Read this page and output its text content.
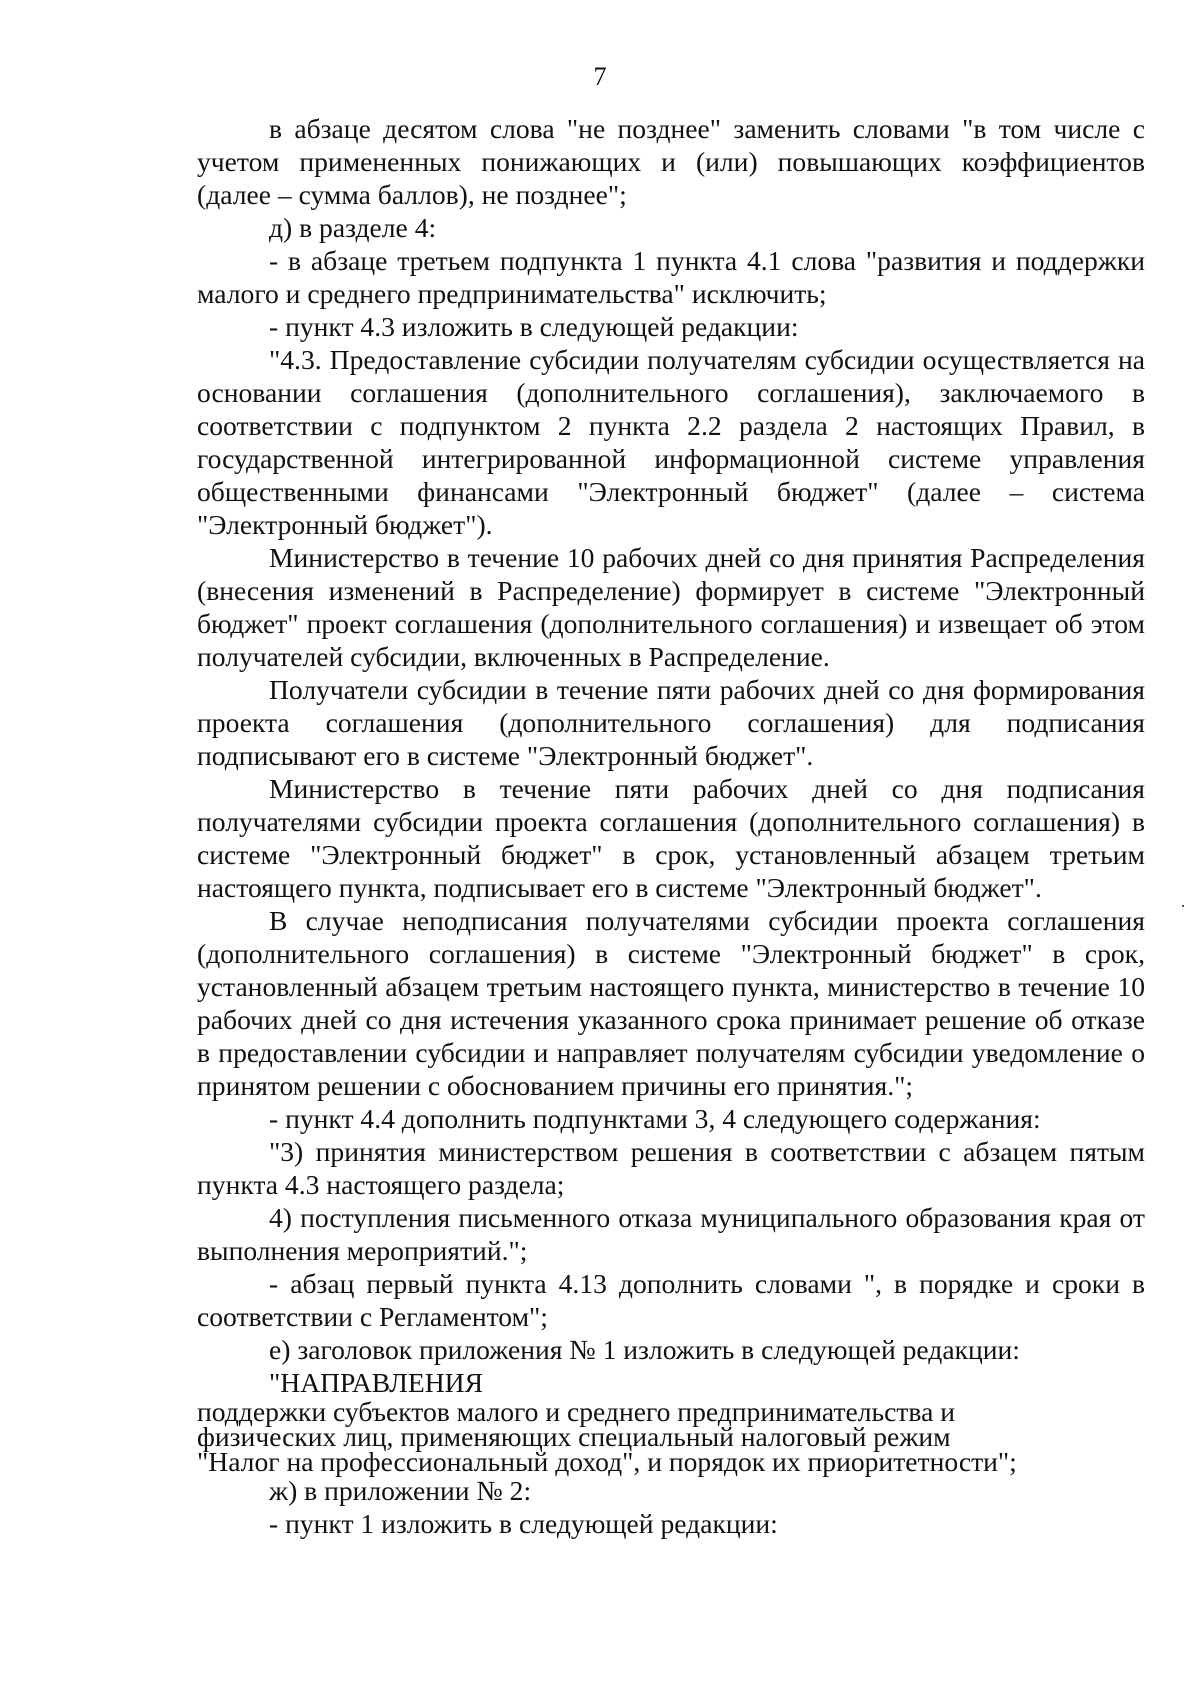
7

в абзаце десятом слова "не позднее" заменить словами "в том числе с учетом примененных понижающих и (или) повышающих коэффициентов (далее – сумма баллов), не позднее";

д) в разделе 4:

- в абзаце третьем подпункта 1 пункта 4.1 слова "развития и поддержки малого и среднего предпринимательства" исключить;

- пункт 4.3 изложить в следующей редакции:

"4.3. Предоставление субсидии получателям субсидии осуществляется на основании соглашения (дополнительного соглашения), заключаемого в соответствии с подпунктом 2 пункта 2.2 раздела 2 настоящих Правил, в государственной интегрированной информационной системе управления общественными финансами "Электронный бюджет" (далее – система "Электронный бюджет").

Министерство в течение 10 рабочих дней со дня принятия Распределения (внесения изменений в Распределение) формирует в системе "Электронный бюджет" проект соглашения (дополнительного соглашения) и извещает об этом получателей субсидии, включенных в Распределение.

Получатели субсидии в течение пяти рабочих дней со дня формирования проекта соглашения (дополнительного соглашения) для подписания подписывают его в системе "Электронный бюджет".

Министерство в течение пяти рабочих дней со дня подписания получателями субсидии проекта соглашения (дополнительного соглашения) в системе "Электронный бюджет" в срок, установленный абзацем третьим настоящего пункта, подписывает его в системе "Электронный бюджет".

В случае неподписания получателями субсидии проекта соглашения (дополнительного соглашения) в системе "Электронный бюджет" в срок, установленный абзацем третьим настоящего пункта, министерство в течение 10 рабочих дней со дня истечения указанного срока принимает решение об отказе в предоставлении субсидии и направляет получателям субсидии уведомление о принятом решении с обоснованием причины его принятия.";

- пункт 4.4 дополнить подпунктами 3, 4 следующего содержания:

"3) принятия министерством решения в соответствии с абзацем пятым пункта 4.3 настоящего раздела;

4) поступления письменного отказа муниципального образования края от выполнения мероприятий.";

- абзац первый пункта 4.13 дополнить словами ", в порядке и сроки в соответствии с Регламентом";

е) заголовок приложения № 1 изложить в следующей редакции:

"НАПРАВЛЕНИЯ

поддержки субъектов малого и среднего предпринимательства и
физических лиц, применяющих специальный налоговый режим
"Налог на профессиональный доход", и порядок их приоритетности";

ж) в приложении № 2:

- пункт 1 изложить в следующей редакции:
